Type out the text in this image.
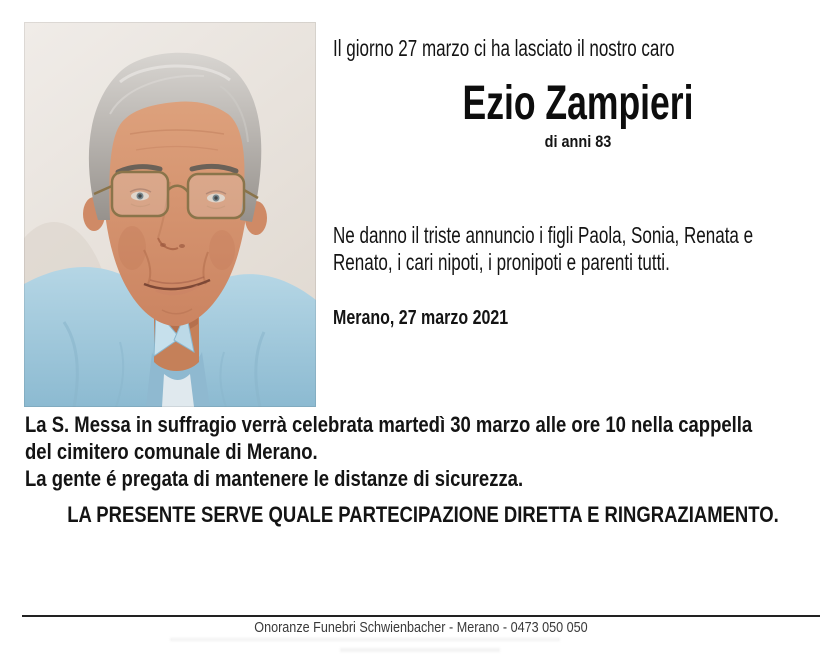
Il giorno 27 marzo ci ha lasciato il nostro caro

Ezio Zampieri

di anni 83

Ne danno il triste annuncio i figli Paola, Sonia, Renata e
Renato, i cari nipoti, i pronipoti e parenti tutti.

Merano, 27 marzo 2021

La S. Messa in suffragio verrà celebrata martedì 30 marzo alle ore 10 nella cappella

del cimitero comunale di Merano.

La gente é pregata di mantenere le distanze di sicurezza.

LA PRESENTE SERVE QUALE PARTECIPAZIONE DIRETTA E RINGRAZIAMENTO.

Onoranze Funebri Schwienbacher - Merano - 0473 050 050
